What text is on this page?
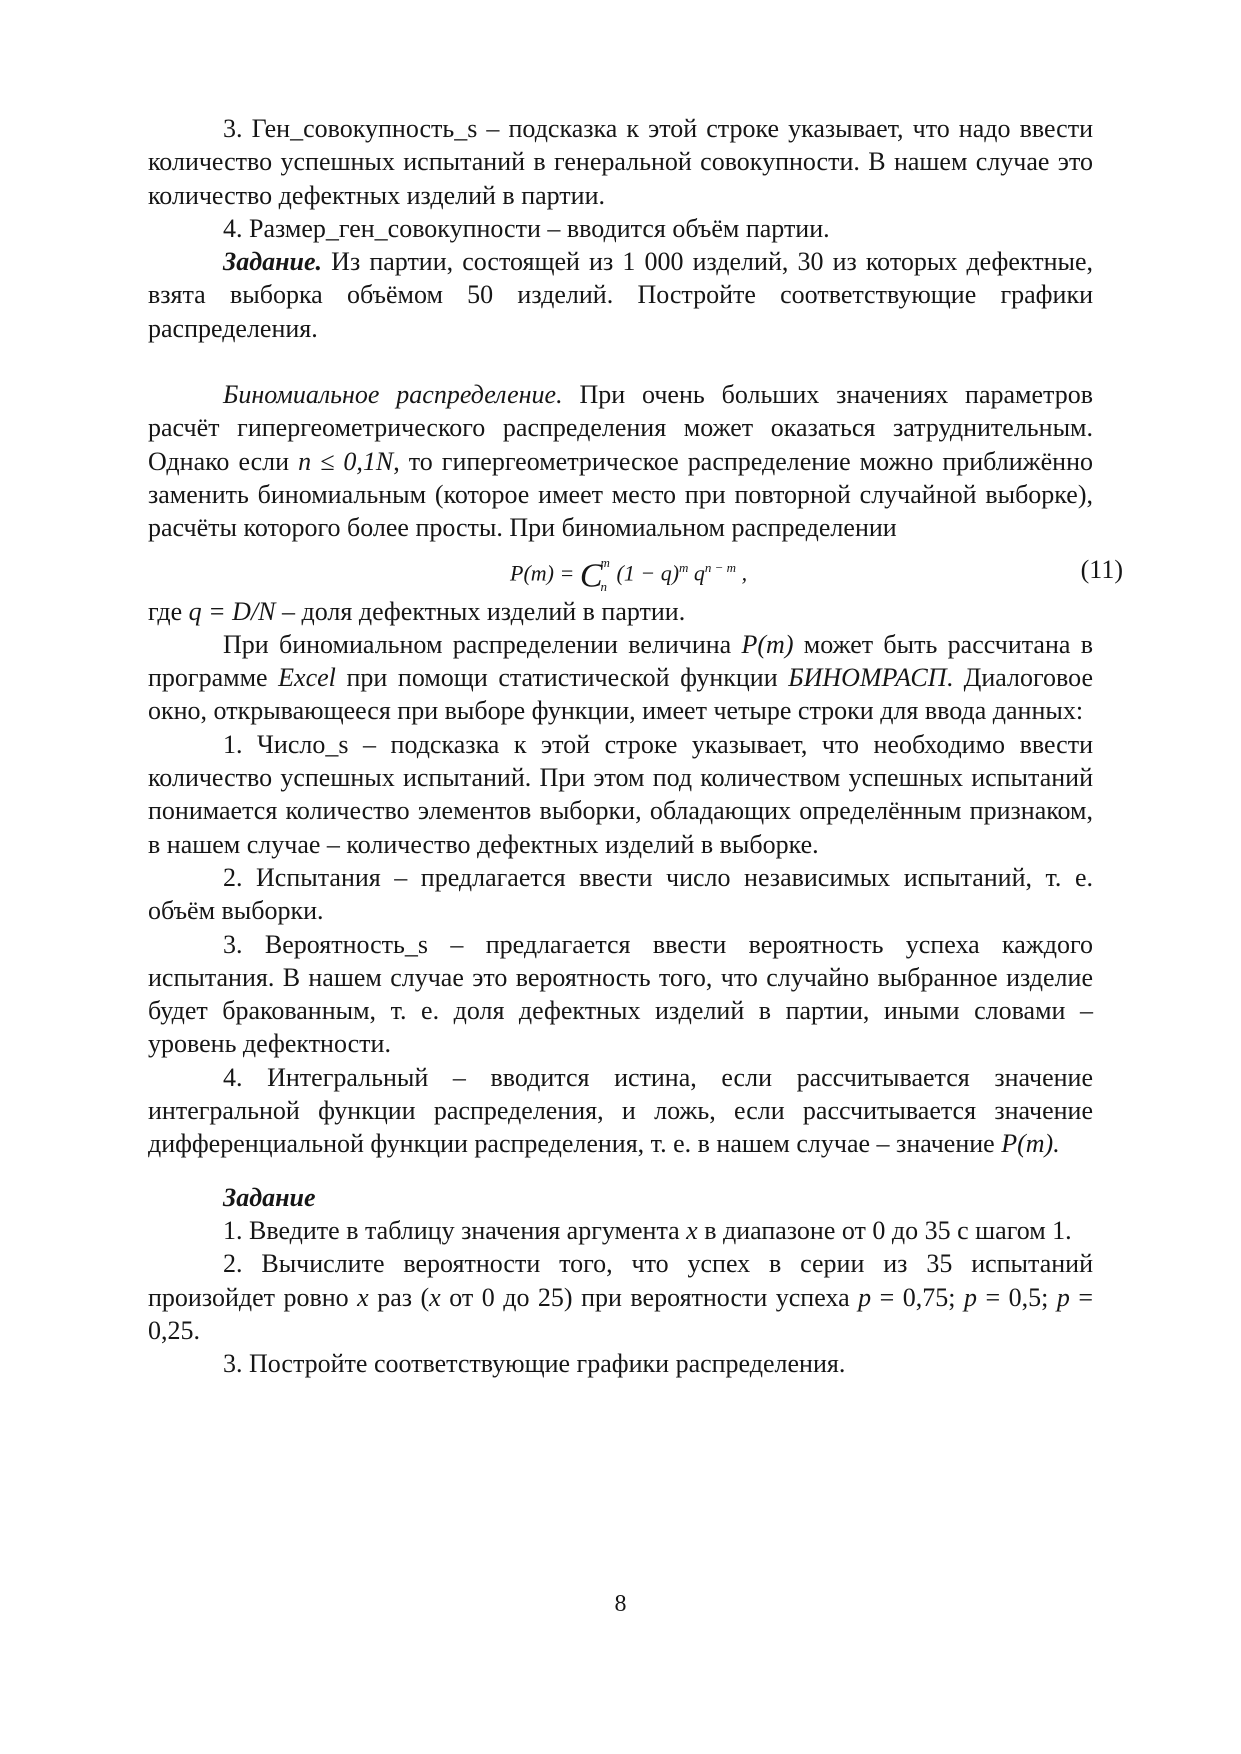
3. Ген_совокупность_s – подсказка к этой строке указывает, что надо ввести количество успешных испытаний в генеральной совокупности. В нашем случае это количество дефектных изделий в партии.

4. Размер_ген_совокупности – вводится объём партии.

Задание. Из партии, состоящей из 1 000 изделий, 30 из которых дефектные, взята выборка объёмом 50 изделий. Постройте соответствующие графики распределения.

Биномиальное распределение. При очень больших значениях параметров расчёт гипергеометрического распределения может оказаться затруднительным. Однако если n ≤ 0,1N, то гипергеометрическое распределение можно приближённо заменить биномиальным (которое имеет место при повторной случайной выборке), расчёты которого более просты. При биномиальном распределении

P(m) = C m
n
$(1 - q)^m$ $q^{n - m}$ ,	(11)

где q = D/N – доля дефектных изделий в партии.

При биномиальном распределении величина P(m) может быть рассчитана в программе Excel при помощи статистической функции БИНОМРАСП. Диалоговое окно, открывающееся при выборе функции, имеет четыре строки для ввода данных:

1. Число_s – подсказка к этой строке указывает, что необходимо ввести количество успешных испытаний. При этом под количеством успешных испытаний понимается количество элементов выборки, обладающих определённым признаком, в нашем случае – количество дефектных изделий в выборке.

2. Испытания – предлагается ввести число независимых испытаний, т. е. объём выборки.

3. Вероятность_s – предлагается ввести вероятность успеха каждого испытания. В нашем случае это вероятность того, что случайно выбранное изделие будет бракованным, т. е. доля дефектных изделий в партии, иными словами – уровень дефектности.

4. Интегральный – вводится истина, если рассчитывается значение интегральной функции распределения, и ложь, если рассчитывается значение дифференциальной функции распределения, т. е. в нашем случае – значение P(m).

Задание

1. Введите в таблицу значения аргумента x в диапазоне от 0 до 35 с шагом 1.

2. Вычислите вероятности того, что успех в серии из 35 испытаний произойдет ровно x раз (x от 0 до 25) при вероятности успеха p = 0,75; p = 0,5; p = 0,25.

3. Постройте соответствующие графики распределения.

8
